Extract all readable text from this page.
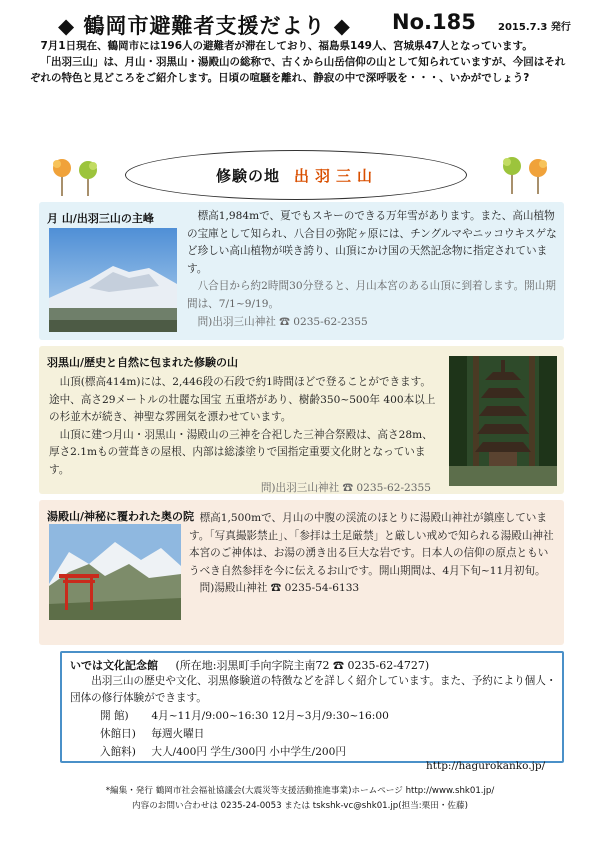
◆ 鶴岡市避難者支援だより ◆ No.185 2015.7.3 発行

7月1日現在、鶴岡市には196人の避難者が滞在しており、福島県149人、宮城県47人となっています。

「出羽三山」は、月山・羽黒山・湯殿山の総称で、古くから山岳信仰の山として知られていますが、今回はそれぞれの特色と見どころをご紹介します。日頃の喧騒を離れ、静寂の中で深呼吸を・・・、いかがでしょう?

修験の地 出羽三山
月 山/出羽三山の主峰	標高1,984mで、夏でもスキーのできる万年雪があります。また、高山植物の宝庫として知られ、八合目の弥陀ヶ原には、チングルマやニッコウキスゲなど珍しい高山植物が咲き誇り、山頂にかけ国の天然記念物に指定されています。

八合目から約2時間30分登ると、月山本宮のある山頂に到着します。開山期間は、7/1~9/19。

問)出羽三山神社 ☎ 0235-62-2355

羽黒山/歴史と自然に包まれた修験の山

山頂(標高414m)には、2,446段の石段で約1時間ほどで登ることができます。途中、高さ29メートルの壮麗な国宝 五重塔があり、樹齢350~500年 400本以上の杉並木が続き、神聖な雰囲気を漂わせています。

山頂に建つ月山・羽黒山・湯殿山の三神を合祀した三神合祭殿は、高さ28m、厚さ2.1mもの萱葺きの屋根、内部は総漆塗りで国指定重要文化財となっています。

問)出羽三山神社 ☎ 0235-62-2355

湯殿山/神秘に覆われた奥の院 標高1,500mで、月山の中腹の渓流のほとりに湯殿山神社が鎮座しています。「写真撮影禁止」、「参拝は土足厳禁」と厳しい戒めで知られる湯殿山神社本宮のご神体は、お湯の湧き出る巨大な岩です。日本人の信仰の原点ともいうべき自然参拝を今に伝えるお山です。開山期間は、4月下旬~11月初旬。

問)湯殿山神社 ☎ 0235-54-6133

いでは文化記念館 (所在地:羽黒町手向字院主南72 ☎ 0235-62-4727)

出羽三山の歴史や文化、羽黒修験道の特徴などを詳しく紹介しています。また、予約により個人・団体の修行体験ができます。

開 館) 4月~11月/9:00~16:30 12月~3月/9:30~16:00
休館日) 毎週火曜日
入館料) 大人/400円 学生/300円 小中学生/200円
http://hagurokanko.jp/
*編集・発行 鶴岡市社会福祉協議会(大震災等支援活動推進事業)ホームページ http://www.shk01.jp/
内容のお問い合わせは 0235-24-0053 または tskshk-vc@shk01.jp(担当:栗田・佐藤)
